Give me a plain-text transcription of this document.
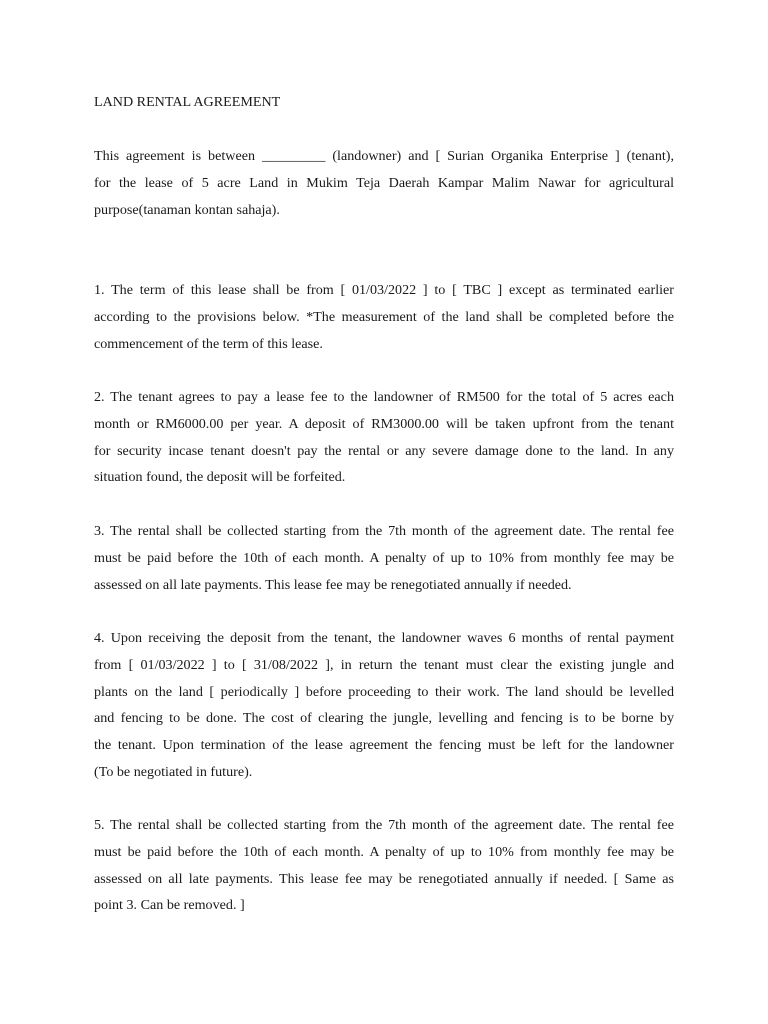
LAND RENTAL AGREEMENT

This agreement is between _________ (landowner) and [ Surian Organika Enterprise ] (tenant),
for the lease of 5 acre Land in Mukim Teja Daerah Kampar Malim Nawar for agricultural
purpose(tanaman kontan sahaja).

1. The term of this lease shall be from [ 01/03/2022 ] to [ TBC ] except as terminated earlier
according to the provisions below. *The measurement of the land shall be completed before the
commencement of the term of this lease.

2. The tenant agrees to pay a lease fee to the landowner of RM500 for the total of 5 acres each
month or RM6000.00 per year. A deposit of RM3000.00 will be taken upfront from the tenant
for security incase tenant doesn't pay the rental or any severe damage done to the land. In any
situation found, the deposit will be forfeited.

3. The rental shall be collected starting from the 7th month of the agreement date. The rental fee
must be paid before the 10th of each month. A penalty of up to 10% from monthly fee may be
assessed on all late payments. This lease fee may be renegotiated annually if needed.

4. Upon receiving the deposit from the tenant, the landowner waves 6 months of rental payment
from [ 01/03/2022 ] to [ 31/08/2022 ], in return the tenant must clear the existing jungle and
plants on the land [ periodically ] before proceeding to their work. The land should be levelled
and fencing to be done. The cost of clearing the jungle, levelling and fencing is to be borne by
the tenant. Upon termination of the lease agreement the fencing must be left for the landowner
(To be negotiated in future).

5. The rental shall be collected starting from the 7th month of the agreement date. The rental fee
must be paid before the 10th of each month. A penalty of up to 10% from monthly fee may be
assessed on all late payments. This lease fee may be renegotiated annually if needed. [ Same as
point 3. Can be removed. ]
